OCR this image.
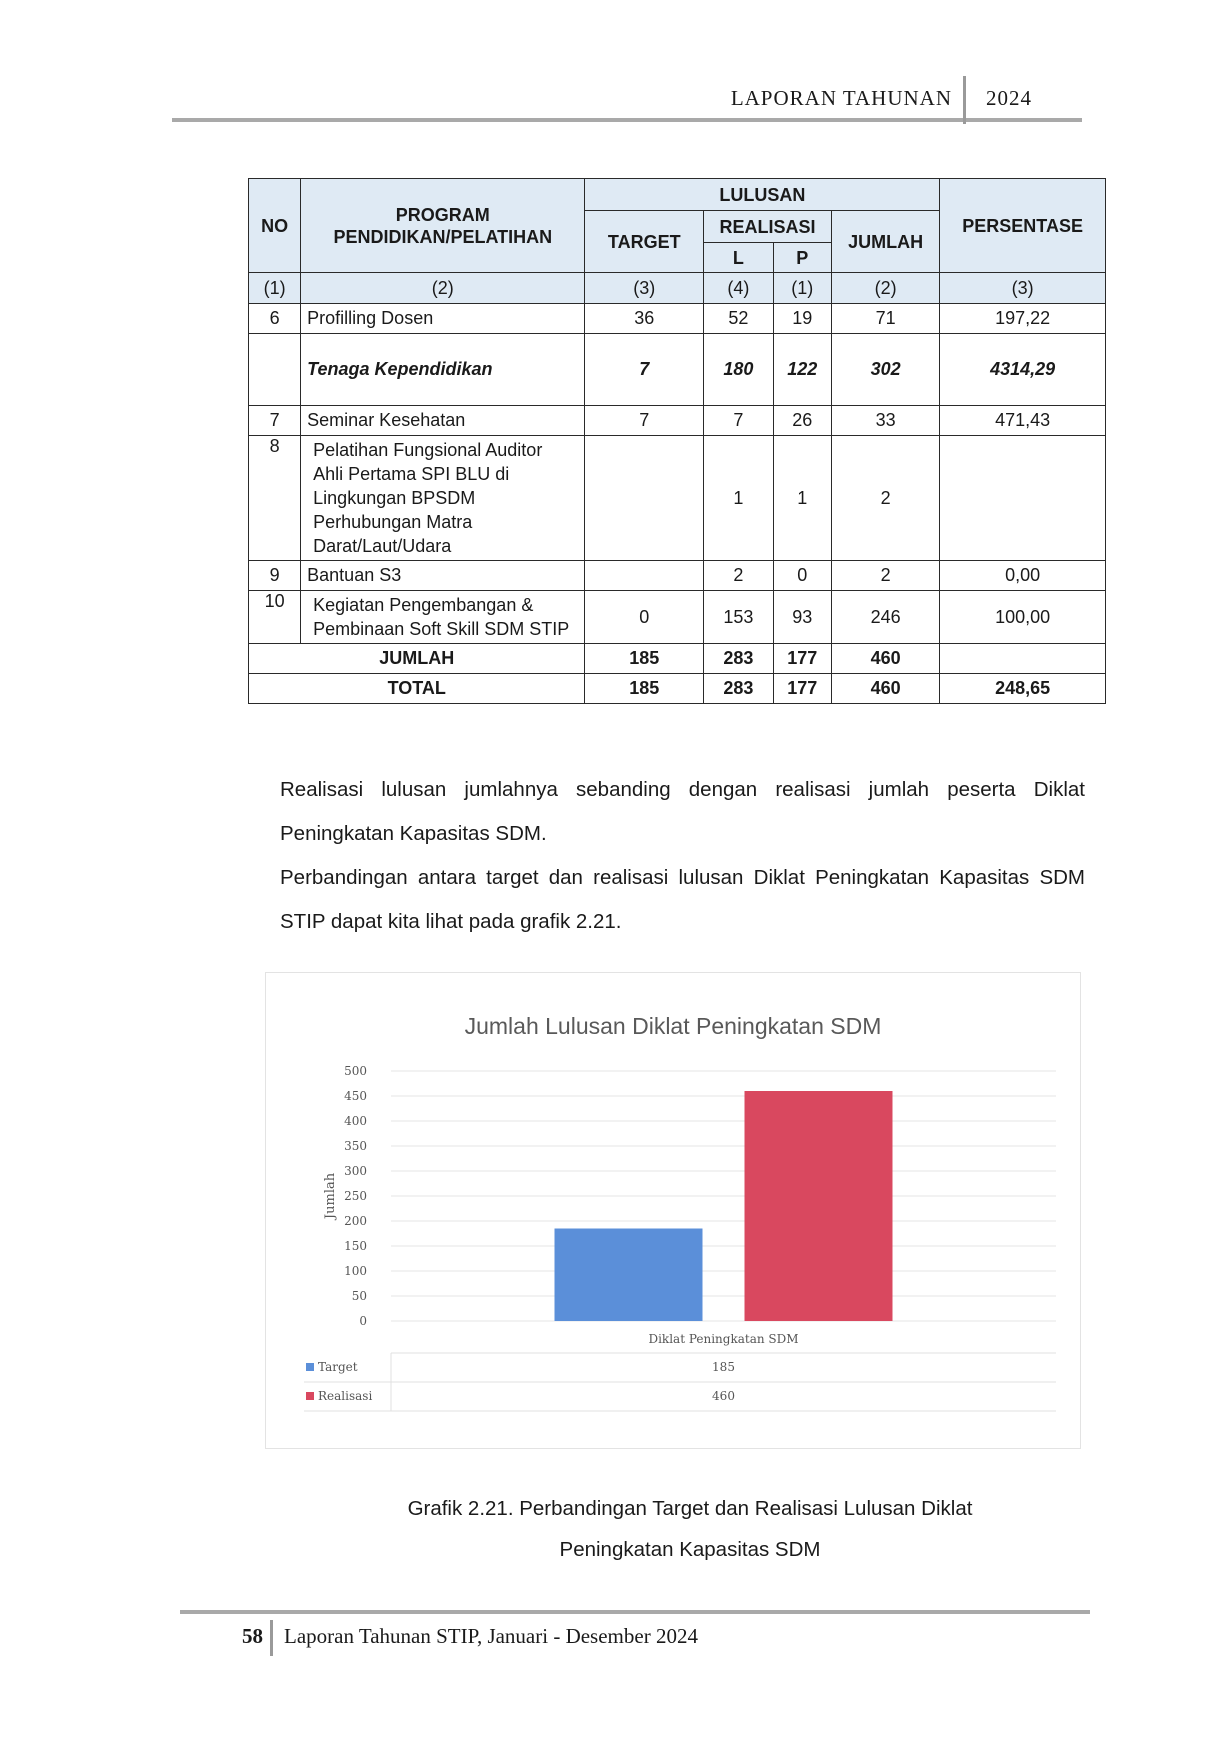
LAPORAN TAHUNAN 2024
NO	PROGRAM PENDIDIKAN/PELATIHAN	LULUSAN				PERSENTASE
		TARGET	REALISASI		JUMLAH	
			L	P		
(1)	(2)	(3)	(4)	(1)	(2)	(3)
6	Profilling Dosen	36	52	19	71	197,22
	Tenaga Kependidikan	7	180	122	302	4314,29
7	Seminar Kesehatan	7	7	26	33	471,43
8	Pelatihan Fungsional Auditor Ahli Pertama SPI BLU di Lingkungan BPSDM Perhubungan Matra Darat/Laut/Udara		1	1	2	
9	Bantuan S3		2	0	2	0,00
10	Kegiatan Pengembangan & Pembinaan Soft Skill SDM STIP	0	153	93	246	100,00
JUMLAH		185	283	177	460	
TOTAL		185	283	177	460	248,65
Realisasi lulusan jumlahnya sebanding dengan realisasi jumlah peserta Diklat Peningkatan Kapasitas SDM.
Perbandingan antara target dan realisasi lulusan Diklat Peningkatan Kapasitas SDM STIP dapat kita lihat pada grafik 2.21.
Jumlah Lulusan Diklat Peningkatan SDM
0
50
100
150
200
250
300
350
400
450
500
Jumlah
Diklat Peningkatan SDM
Target	185
Realisasi	460
Grafik 2.21. Perbandingan Target dan Realisasi Lulusan Diklat
Peningkatan Kapasitas SDM
58 Laporan Tahunan STIP, Januari - Desember 2024
